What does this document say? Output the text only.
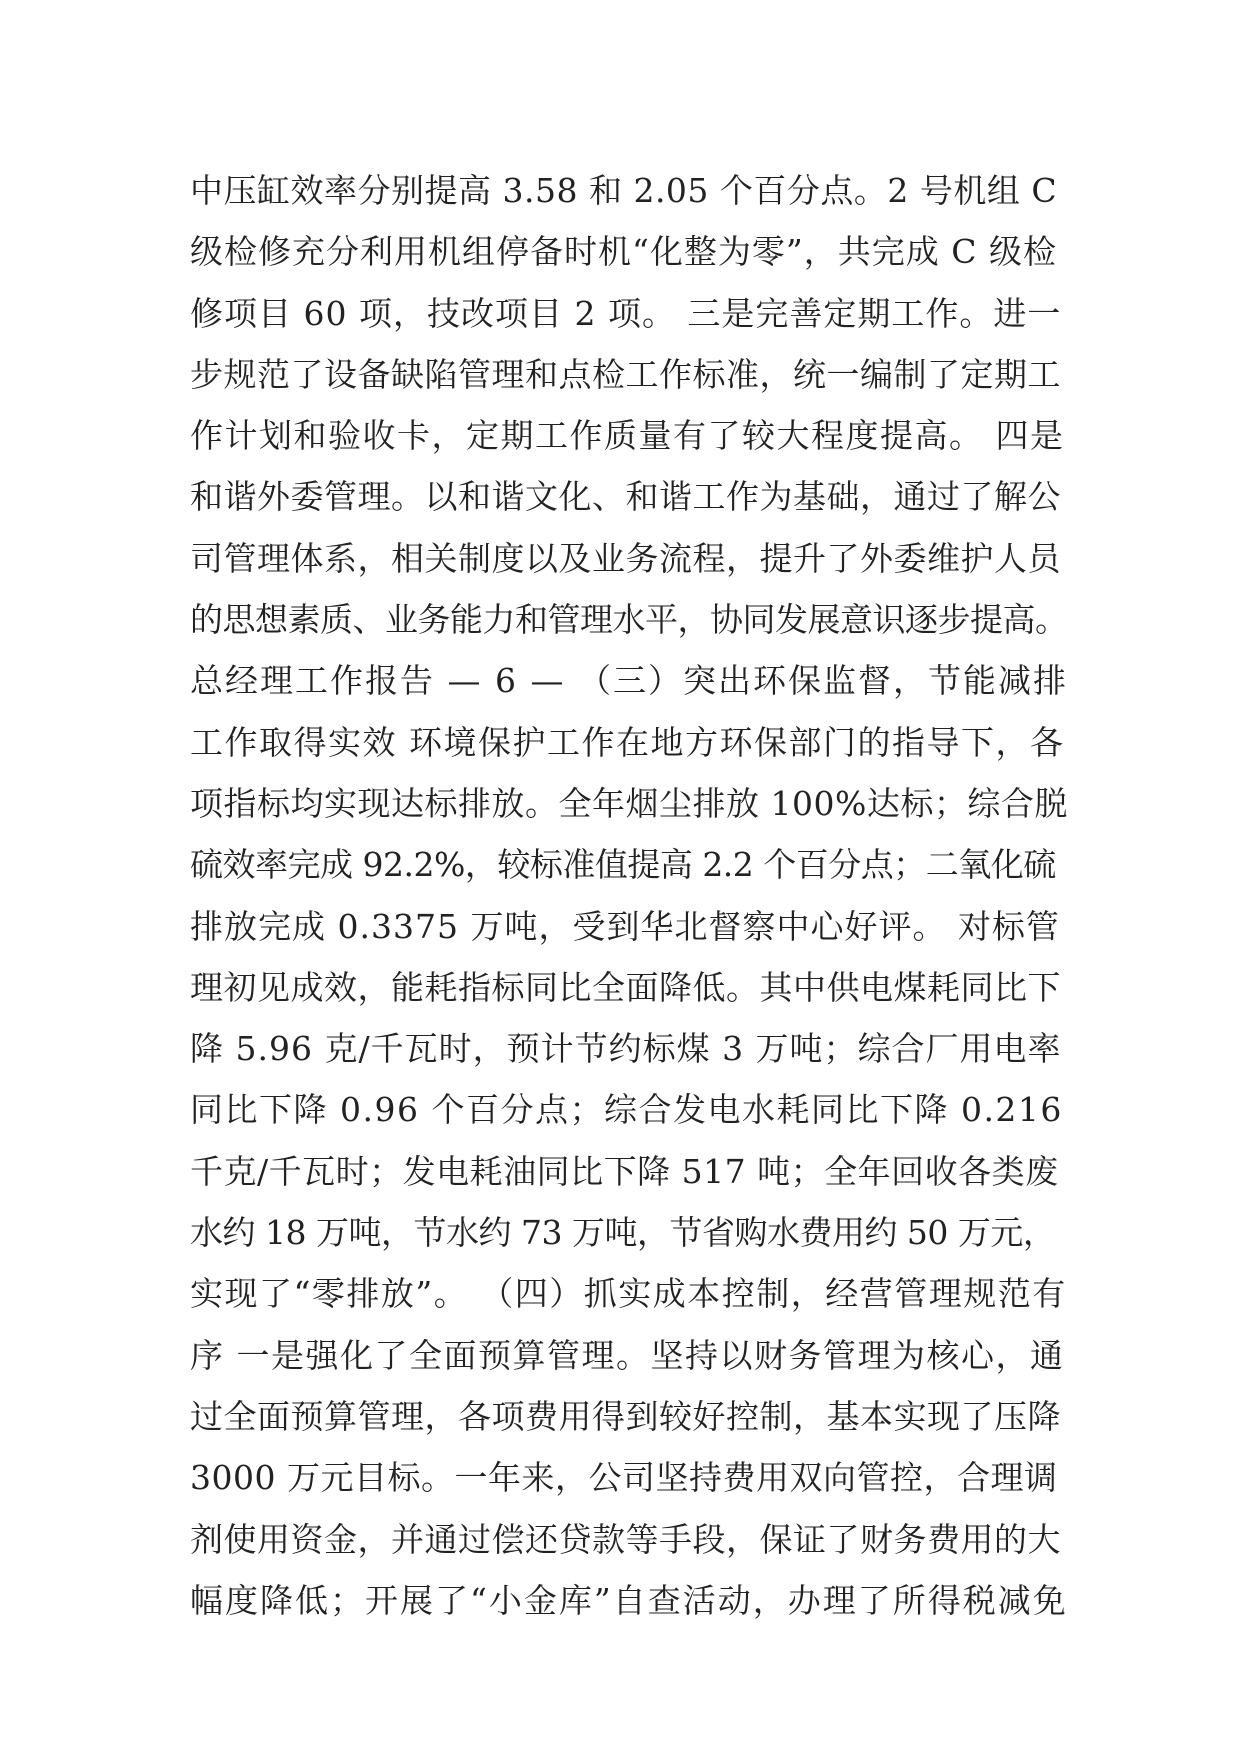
中压缸效率分别提高 3.58 和 2.05 个百分点。2 号机组 C
级检修充分利用机组停备时机“化整为零”，共完成 C 级检
修项目 60 项，技改项目 2 项。 三是完善定期工作。进一
步规范了设备缺陷管理和点检工作标准，统一编制了定期工
作计划和验收卡，定期工作质量有了较大程度提高。 四是
和谐外委管理。以和谐文化、和谐工作为基础，通过了解公
司管理体系，相关制度以及业务流程，提升了外委维护人员
的思想素质、业务能力和管理水平，协同发展意识逐步提高。
总经理工作报告 — 6 — （三）突出环保监督，节能减排
工作取得实效 环境保护工作在地方环保部门的指导下，各
项指标均实现达标排放。全年烟尘排放 100%达标；综合脱
硫效率完成 92.2%，较标准值提高 2.2 个百分点；二氧化硫
排放完成 0.3375 万吨，受到华北督察中心好评。 对标管
理初见成效，能耗指标同比全面降低。其中供电煤耗同比下
降 5.96 克/千瓦时，预计节约标煤 3 万吨；综合厂用电率
同比下降 0.96 个百分点；综合发电水耗同比下降 0.216
千克/千瓦时；发电耗油同比下降 517 吨；全年回收各类废
水约 18 万吨，节水约 73 万吨，节省购水费用约 50 万元，
实现了“零排放”。 （四）抓实成本控制，经营管理规范有
序 一是强化了全面预算管理。坚持以财务管理为核心，通
过全面预算管理，各项费用得到较好控制，基本实现了压降
3000 万元目标。一年来，公司坚持费用双向管控，合理调
剂使用资金，并通过偿还贷款等手段，保证了财务费用的大
幅度降低；开展了“小金库”自查活动，办理了所得税减免
